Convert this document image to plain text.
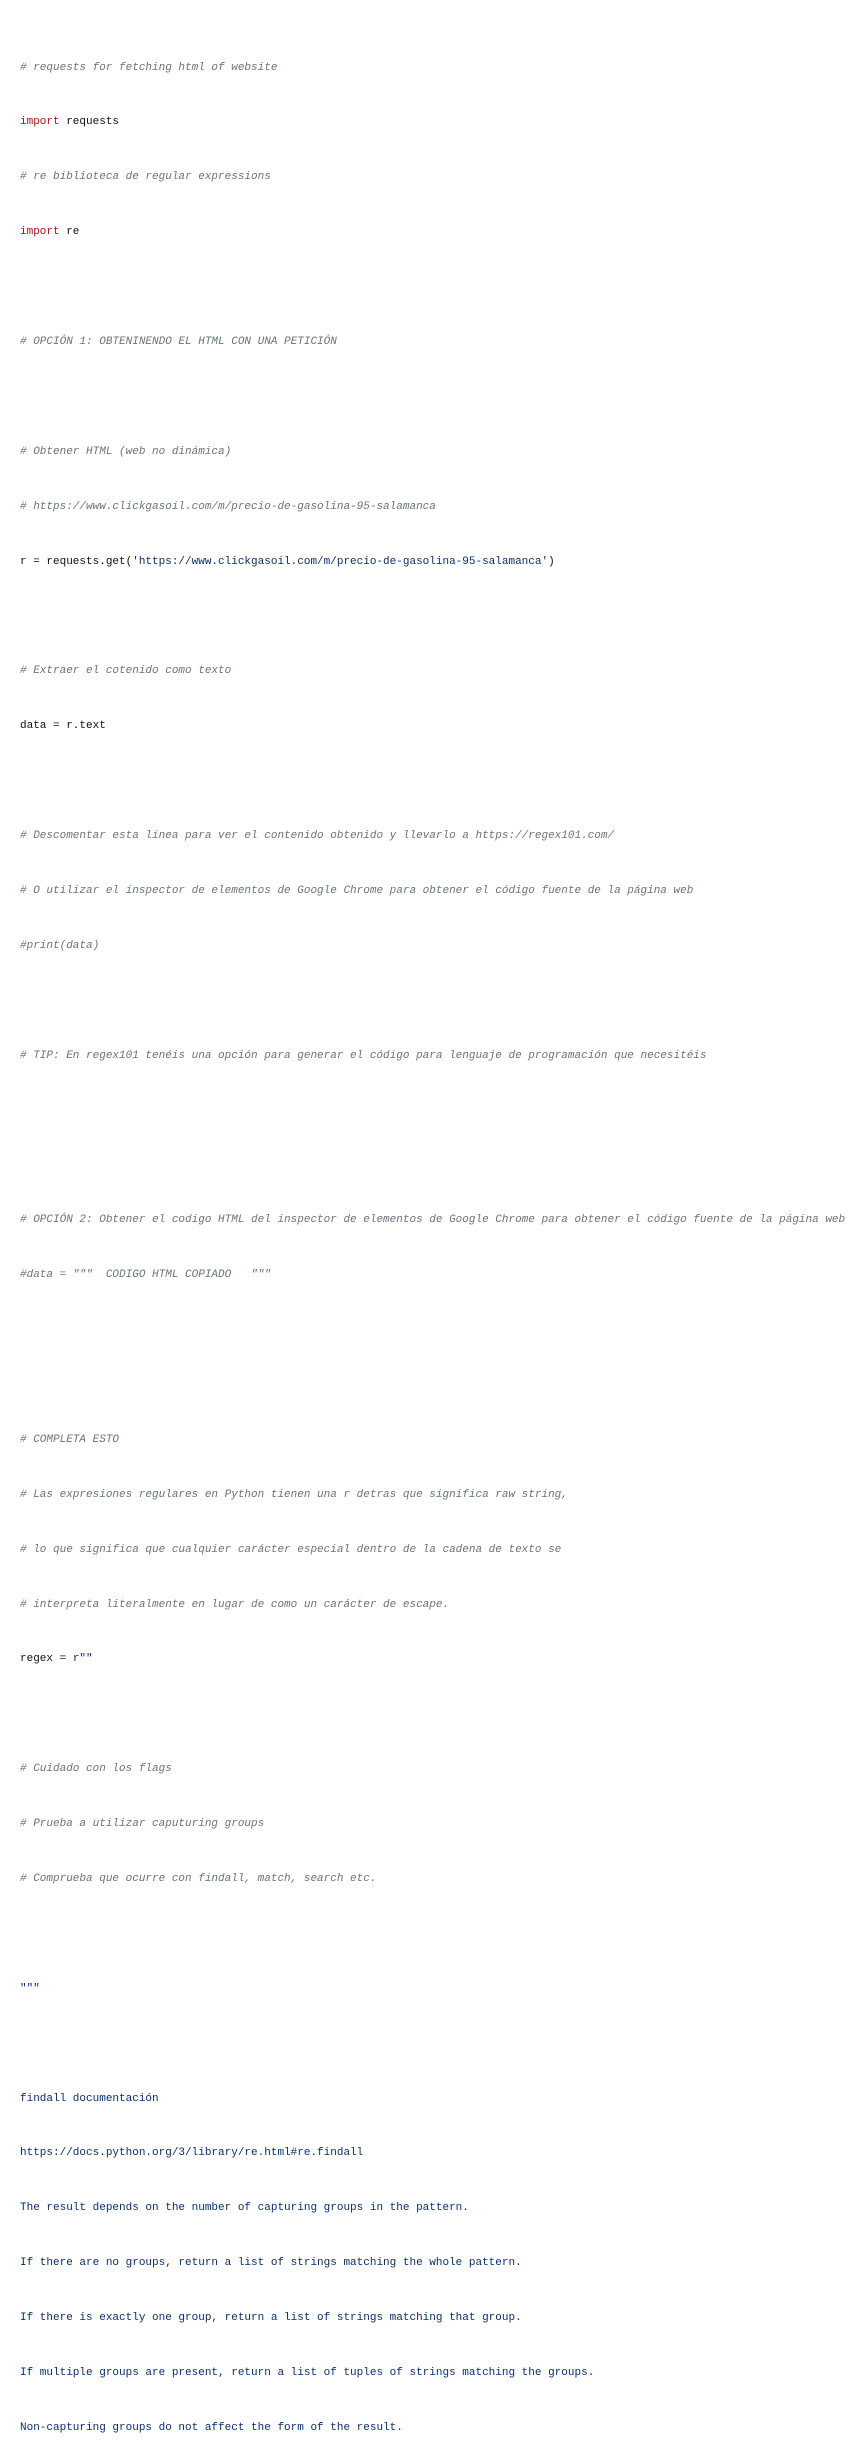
# requests for fetching html of website

import requests

# re biblioteca de regular expressions

import re

# OPCIÓN 1: OBTENINENDO EL HTML CON UNA PETICIÓN

# Obtener HTML (web no dinámica)

# https://www.clickgasoil.com/m/precio-de-gasolina-95-salamanca

r = requests.get('https://www.clickgasoil.com/m/precio-de-gasolina-95-salamanca')

# Extraer el cotenido como texto

data = r.text

# Descomentar esta línea para ver el contenido obtenido y llevarlo a https://regex101.com/

# O utilizar el inspector de elementos de Google Chrome para obtener el código fuente de la página web

#print(data)

# TIP: En regex101 tenéis una opción para generar el código para lenguaje de programación que necesitéis

# OPCIÓN 2: Obtener el codigo HTML del inspector de elementos de Google Chrome para obtener el código fuente de la página web

#data = """  CODIGO HTML COPIADO   """

# COMPLETA ESTO

# Las expresiones regulares en Python tienen una r detras que significa raw string,

# lo que significa que cualquier carácter especial dentro de la cadena de texto se

# interpreta literalmente en lugar de como un carácter de escape.

regex = r""

# Cuidado con los flags

# Prueba a utilizar caputuring groups

# Comprueba que ocurre con findall, match, search etc.

"""

findall documentación

https://docs.python.org/3/library/re.html#re.findall

The result depends on the number of capturing groups in the pattern.

If there are no groups, return a list of strings matching the whole pattern.

If there is exactly one group, return a list of strings matching that group.

If multiple groups are present, return a list of tuples of strings matching the groups.

Non-capturing groups do not affect the form of the result.
